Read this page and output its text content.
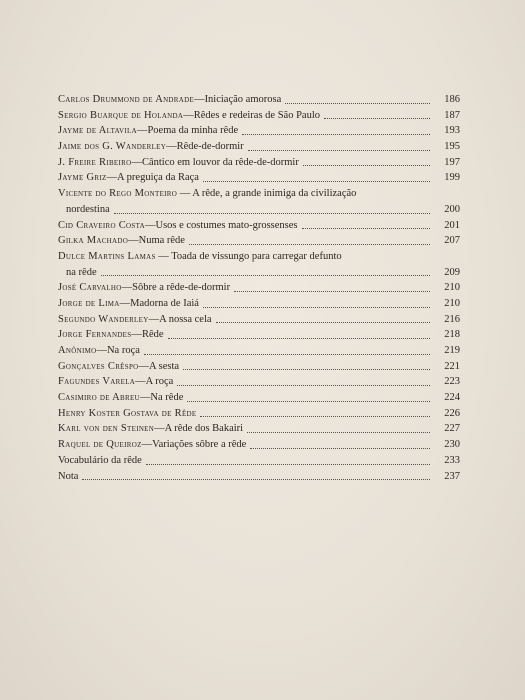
Carlos Drummond de Andrade — Iniciação amorosa	186
Sergio Buarque de Holanda — Rêdes e redeiras de São Paulo	187
Jayme de Altavila — Poema da minha rêde	193
Jaime dos G. Wanderley — Rêde-de-dormir	195
J. Freire Ribeiro — Cântico em louvor da rêde-de-dormir	197
Jayme Griz — A preguiça da Raça	199
Vicente do Rego Monteiro — A rêde, a grande inimiga da civilização
nordestina	200
Cid Craveiro Costa — Usos e costumes mato-grossenses	201
Gilka Machado — Numa rêde	207
Dulce Martins Lamas — Toada de vissungo para carregar defunto
na rêde	209
José Carvalho — Sôbre a rêde-de-dormir	210
Jorge de Lima — Madorna de Iaiá	210
Segundo Wanderley — A nossa cela	216
Jorge Fernandes — Rêde	218
Anônimo — Na roça	219
Gonçalves Crêspo — A sesta	221
Fagundes Varela — A roça	223
Casimiro de Abreu — Na rêde	224
Henry Koster Gostava de Rêde	226
Karl von den Steinen — A rêde dos Bakairi	227
Raquel de Queiroz — Variações sôbre a rêde	230
Vocabulário da rêde	233
Nota	237
